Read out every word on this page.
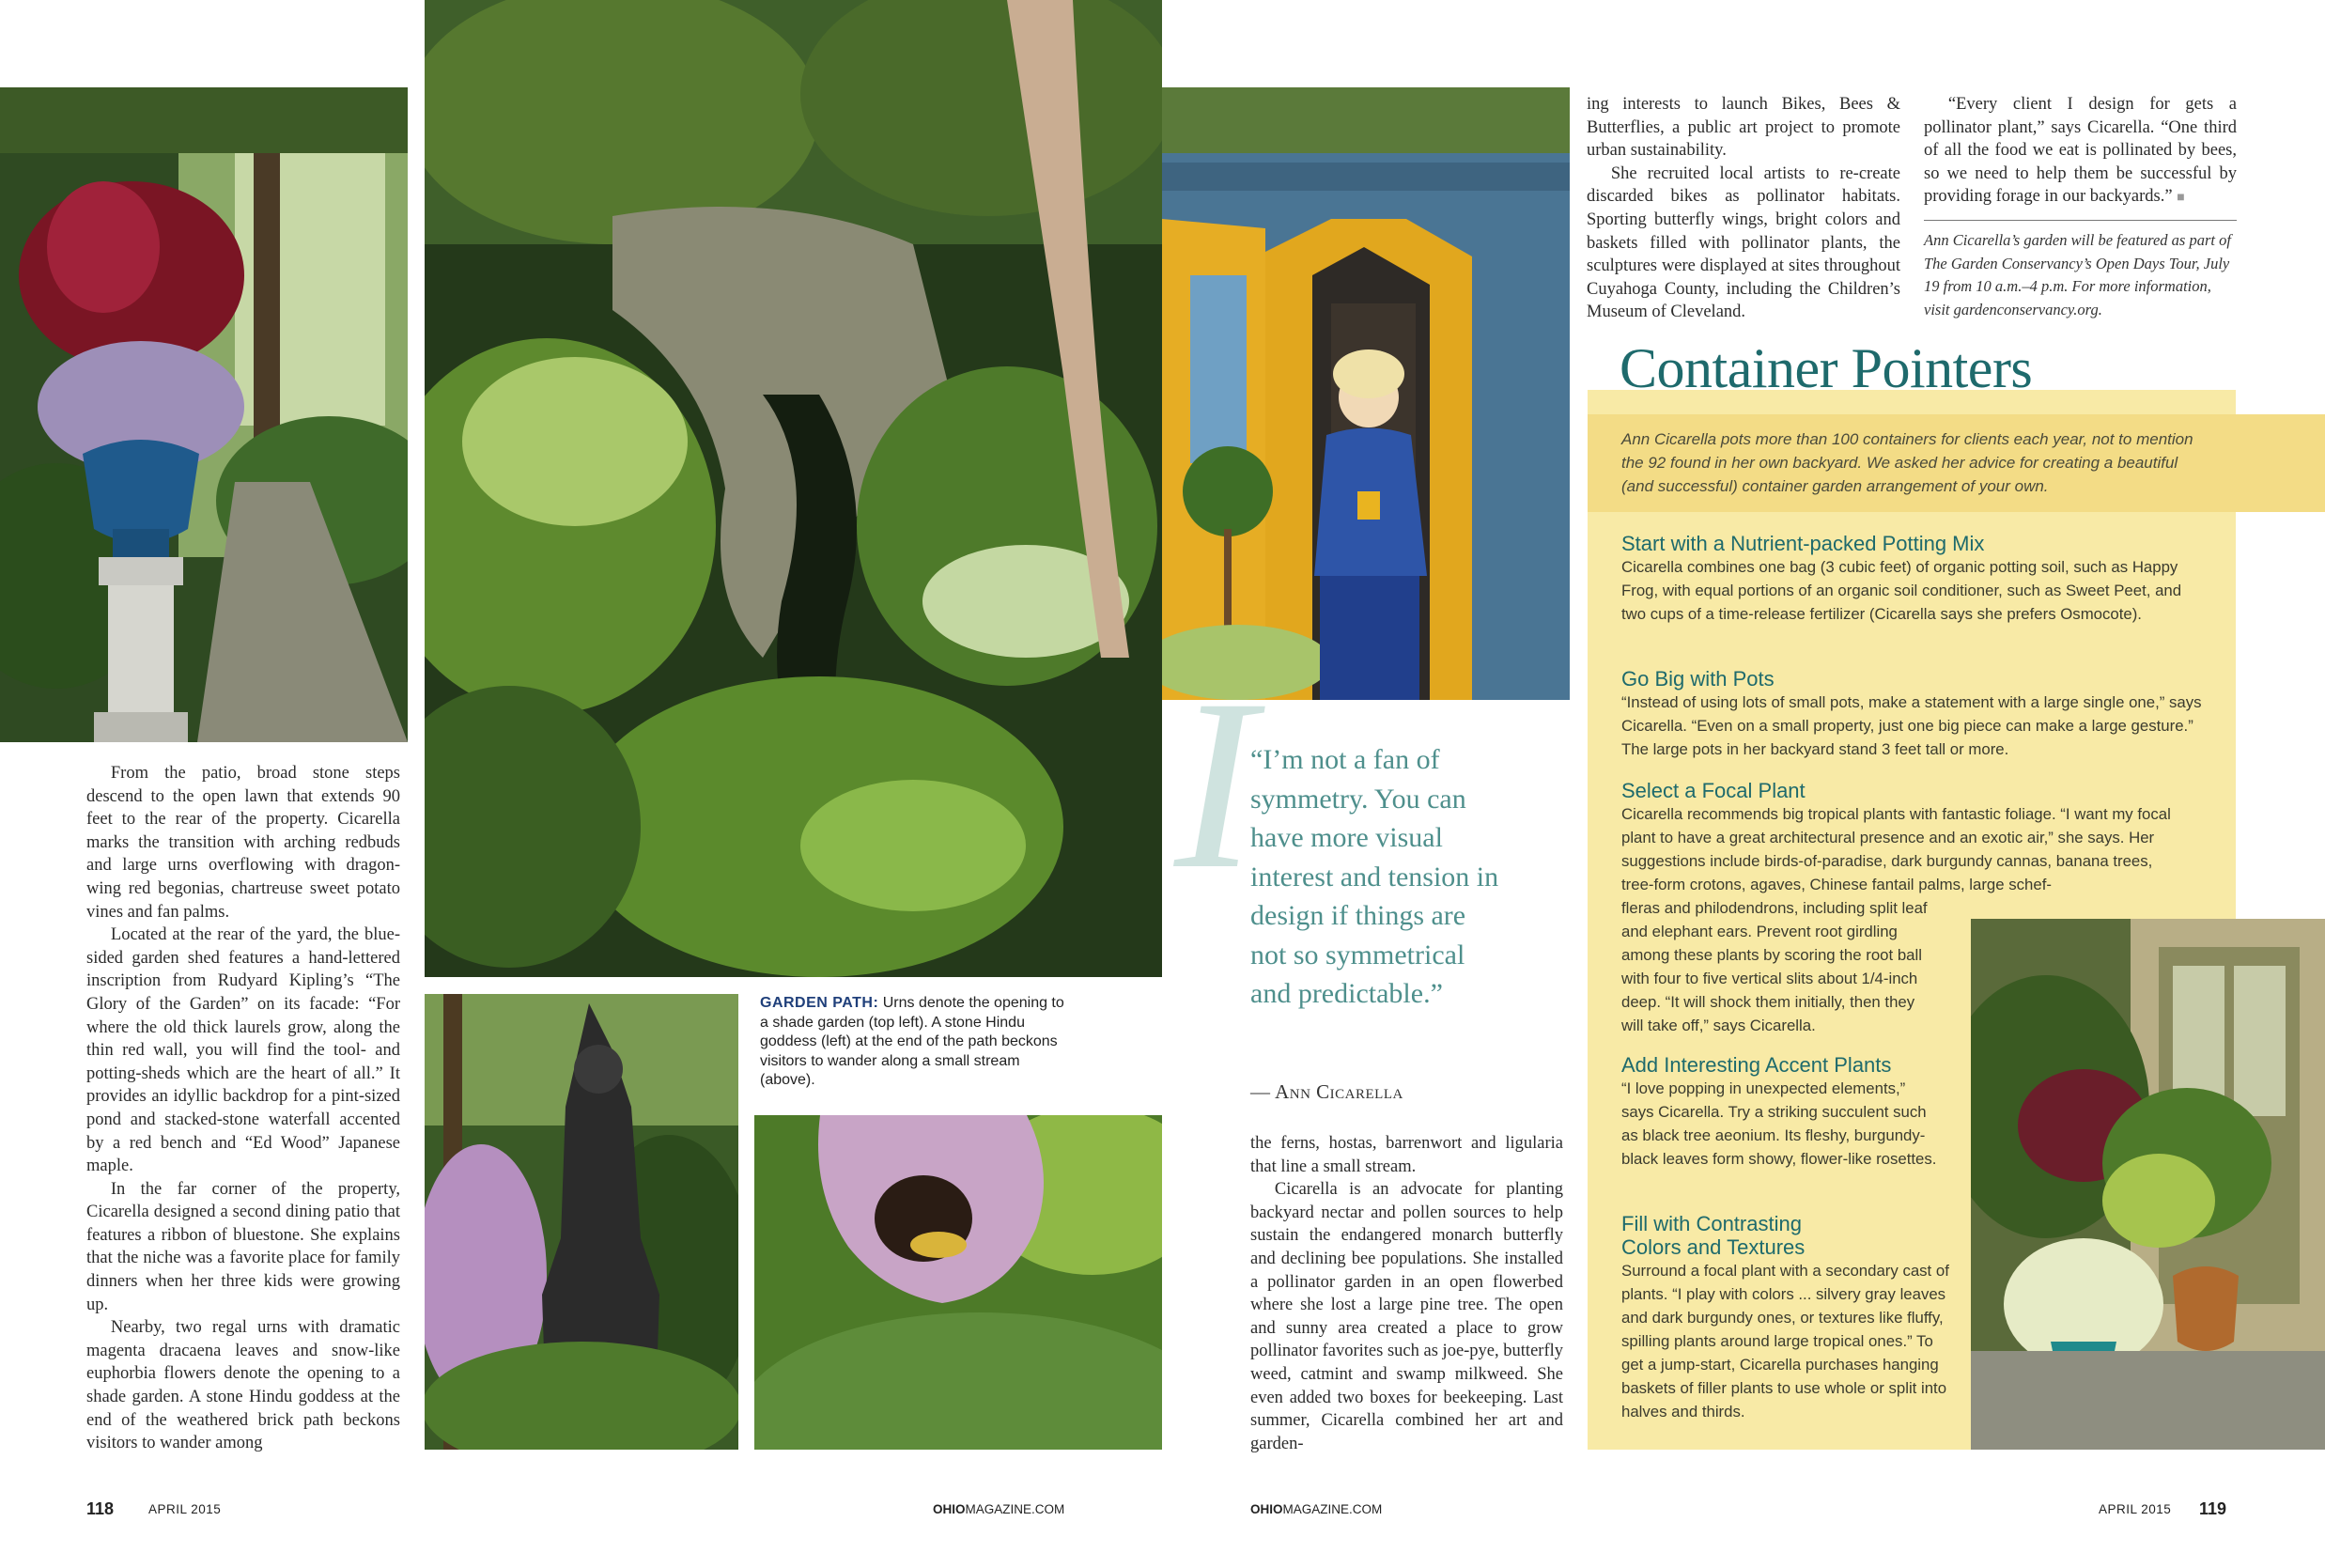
From the patio, broad stone steps descend to the open lawn that extends 90 feet to the rear of the property. Cicarella marks the transition with arching redbuds and large urns overflowing with dragon-wing red begonias, chartreuse sweet potato vines and fan palms.

Located at the rear of the yard, the blue-sided garden shed features a hand-lettered inscription from Rudyard Kipling’s “The Glory of the Garden” on its facade: “For where the old thick laurels grow, along the thin red wall, you will find the tool- and potting-sheds which are the heart of all.” It provides an idyllic backdrop for a pint-sized pond and stacked-stone waterfall accented by a red bench and “Ed Wood” Japanese maple.

In the far corner of the property, Cicarella designed a second dining patio that features a ribbon of bluestone. She explains that the niche was a favorite place for family dinners when her three kids were growing up.

Nearby, two regal urns with dramatic magenta dracaena leaves and snow-like euphorbia flowers denote the opening to a shade garden. A stone Hindu goddess at the end of the weathered brick path beckons visitors to wander among

GARDEN PATH: Urns denote the opening to a shade garden (top left). A stone Hindu goddess (left) at the end of the path beckons visitors to wander along a small stream (above).
118	APRIL 2015	OHIOMAGAZINE.COM
I
“I’m not a fan of symmetry. You can have more visual interest and tension in design if things are not so symmetrical and predictable.”
— Ann Cicarella

the ferns, hostas, barrenwort and ligularia that line a small stream.

Cicarella is an advocate for planting backyard nectar and pollen sources to help sustain the endangered monarch butterfly and declining bee populations. She installed a pollinator garden in an open flowerbed where she lost a large pine tree. The open and sunny area created a place to grow pollinator favorites such as joe-pye, butterfly weed, catmint and swamp milkweed. She even added two boxes for beekeeping. Last summer, Cicarella combined her art and garden-

ing interests to launch Bikes, Bees & Butterflies, a public art project to promote urban sustainability.

She recruited local artists to re-create discarded bikes as pollinator habitats. Sporting butterfly wings, bright colors and baskets filled with pollinator plants, the sculptures were displayed at sites throughout Cuyahoga County, including the Children’s Museum of Cleveland.

“Every client I design for gets a pollinator plant,” says Cicarella. “One third of all the food we eat is pollinated by bees, so we need to help them be successful by providing forage in our backyards.” ■

Ann Cicarella’s garden will be featured as part of The Garden Conservancy’s Open Days Tour, July 19 from 10 a.m.–4 p.m. For more information, visit gardenconservancy.org.
Container Pointers
Ann Cicarella pots more than 100 containers for clients each year, not to mention the 92 found in her own backyard. We asked her advice for creating a beautiful (and successful) container garden arrangement of your own.

Start with a Nutrient-packed Potting Mix

Cicarella combines one bag (3 cubic feet) of organic potting soil, such as Happy Frog, with equal portions of an organic soil conditioner, such as Sweet Peet, and two cups of a time-release fertilizer (Cicarella says she prefers Osmocote).

Go Big with Pots

“Instead of using lots of small pots, make a statement with a large single one,” says Cicarella. “Even on a small property, just one big piece can make a large gesture.” The large pots in her backyard stand 3 feet tall or more.

Select a Focal Plant

Cicarella recommends big tropical plants with fantastic foliage. “I want my focal plant to have a great architectural presence and an exotic air,” she says. Her suggestions include birds-of-paradise, dark burgundy cannas, banana trees, tree-form crotons, agaves, Chinese fantail palms, large schef-

fleras and philodendrons, including split leaf and elephant ears. Prevent root girdling among these plants by scoring the root ball with four to five vertical slits about 1/4-inch deep. “It will shock them initially, then they will take off,” says Cicarella.

Add Interesting Accent Plants

“I love popping in unexpected elements,” says Cicarella. Try a striking succulent such as black tree aeonium. Its fleshy, burgundy-black leaves form showy, flower-like rosettes.

Fill with Contrasting Colors and Textures

Surround a focal plant with a secondary cast of plants. “I play with colors ... silvery gray leaves and dark burgundy ones, or textures like fluffy, spilling plants around large tropical ones.” To get a jump-start, Cicarella purchases hanging baskets of filler plants to use whole or split into halves and thirds.

OHIOMAGAZINE.COM	APRIL 2015 119
